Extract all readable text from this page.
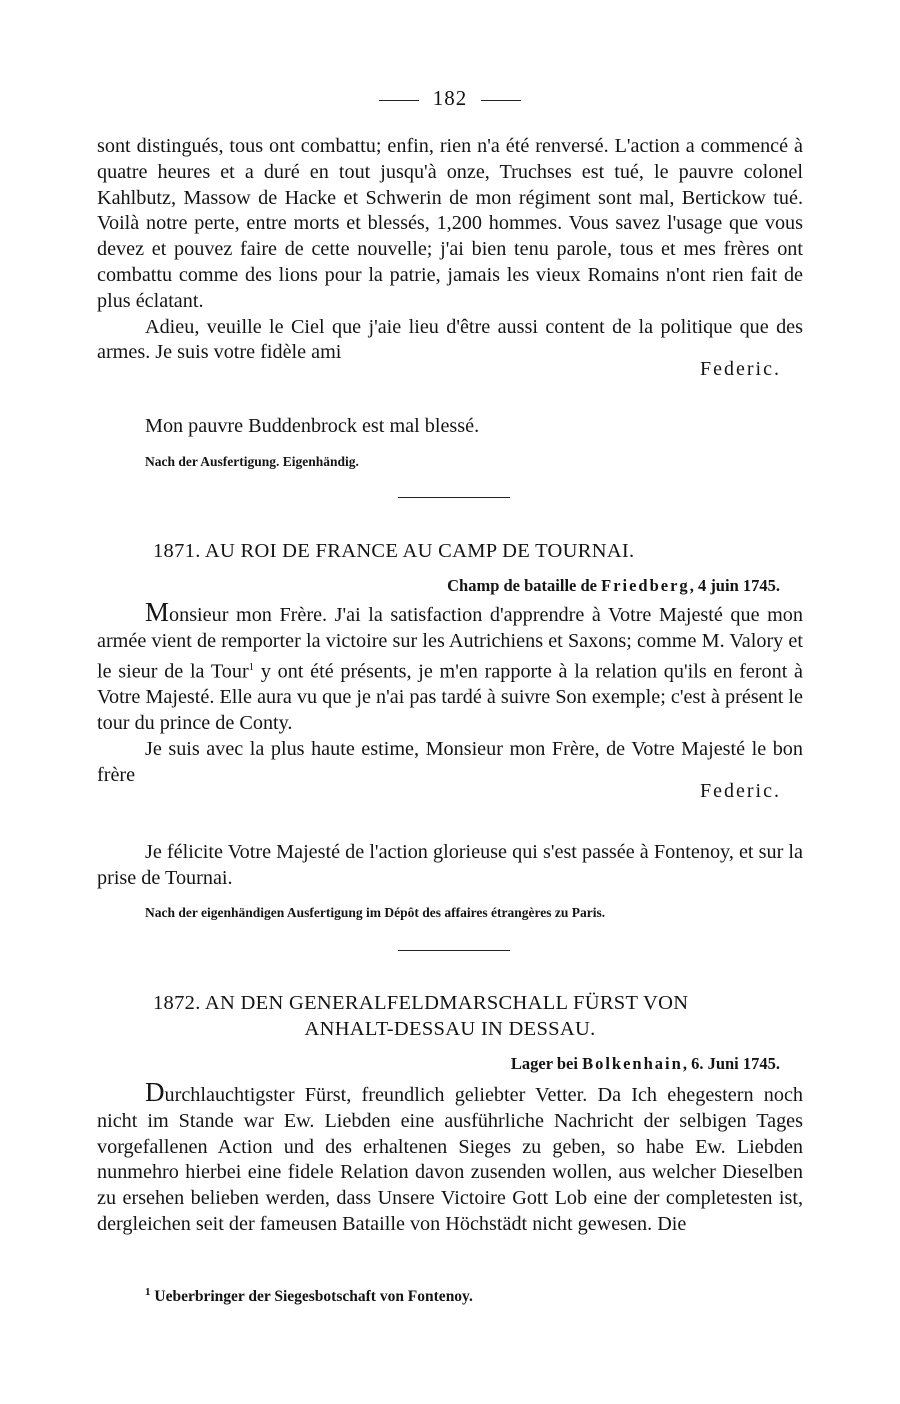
182

sont distingués, tous ont combattu; enfin, rien n'a été renversé. L'action a commencé à quatre heures et a duré en tout jusqu'à onze, Truchses est tué, le pauvre colonel Kahlbutz, Massow de Hacke et Schwerin de mon régiment sont mal, Bertickow tué. Voilà notre perte, entre morts et blessés, 1,200 hommes. Vous savez l'usage que vous devez et pouvez faire de cette nouvelle; j'ai bien tenu parole, tous et mes frères ont combattu comme des lions pour la patrie, jamais les vieux Romains n'ont rien fait de plus éclatant.

Adieu, veuille le Ciel que j'aie lieu d'être aussi content de la politique que des armes. Je suis votre fidèle ami

Federic.

Mon pauvre Buddenbrock est mal blessé.

Nach der Ausfertigung. Eigenhändig.

1871. AU ROI DE FRANCE AU CAMP DE TOURNAI.
Champ de bataille de Friedberg, 4 juin 1745.

Monsieur mon Frère. J'ai la satisfaction d'apprendre à Votre Majesté que mon armée vient de remporter la victoire sur les Autrichiens et Saxons; comme M. Valory et le sieur de la Tour$^1$ y ont été présents, je m'en rapporte à la relation qu'ils en feront à Votre Majesté. Elle aura vu que je n'ai pas tardé à suivre Son exemple; c'est à présent le tour du prince de Conty.

Je suis avec la plus haute estime, Monsieur mon Frère, de Votre Majesté le bon frère

Federic.

Je félicite Votre Majesté de l'action glorieuse qui s'est passée à Fontenoy, et sur la prise de Tournai.

Nach der eigenhändigen Ausfertigung im Dépôt des affaires étrangères zu Paris.

1872. AN DEN GENERALFELDMARSCHALL FÜRST VON
ANHALT-DESSAU IN DESSAU.
Lager bei Bolkenhain, 6. Juni 1745.

Durchlauchtigster Fürst, freundlich geliebter Vetter. Da Ich ehegestern noch nicht im Stande war Ew. Liebden eine ausführliche Nachricht der selbigen Tages vorgefallenen Action und des erhaltenen Sieges zu geben, so habe Ew. Liebden nunmehro hierbei eine fidele Relation davon zusenden wollen, aus welcher Dieselben zu ersehen belieben werden, dass Unsere Victoire Gott Lob eine der completesten ist, dergleichen seit der fameusen Bataille von Höchstädt nicht gewesen. Die

$^1$ Ueberbringer der Siegesbotschaft von Fontenoy.
